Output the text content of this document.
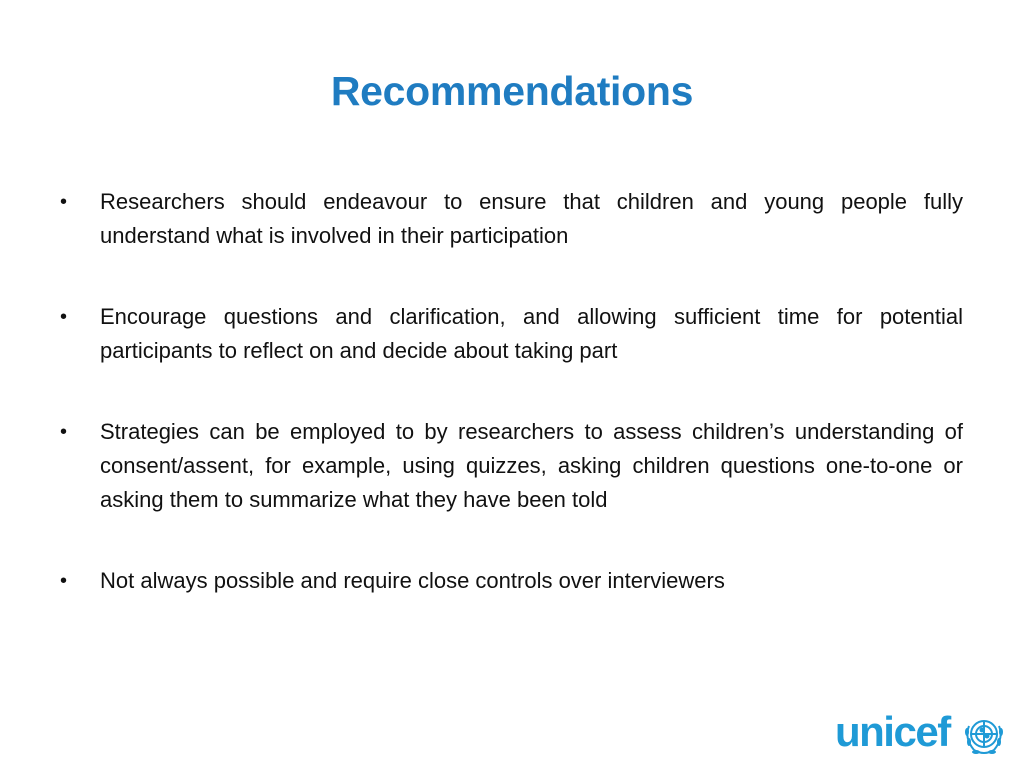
Recommendations
•	Researchers should endeavour to ensure that children and young people fully understand what is involved in their participation
•	Encourage questions and clarification, and allowing sufficient time for potential participants to reflect on and decide about taking part
•	Strategies can be employed to by researchers to assess children’s understanding of consent/assent, for example, using quizzes, asking children questions one-to-one or asking them to summarize what they have been told
•	Not always possible and require close controls over interviewers
unicef
